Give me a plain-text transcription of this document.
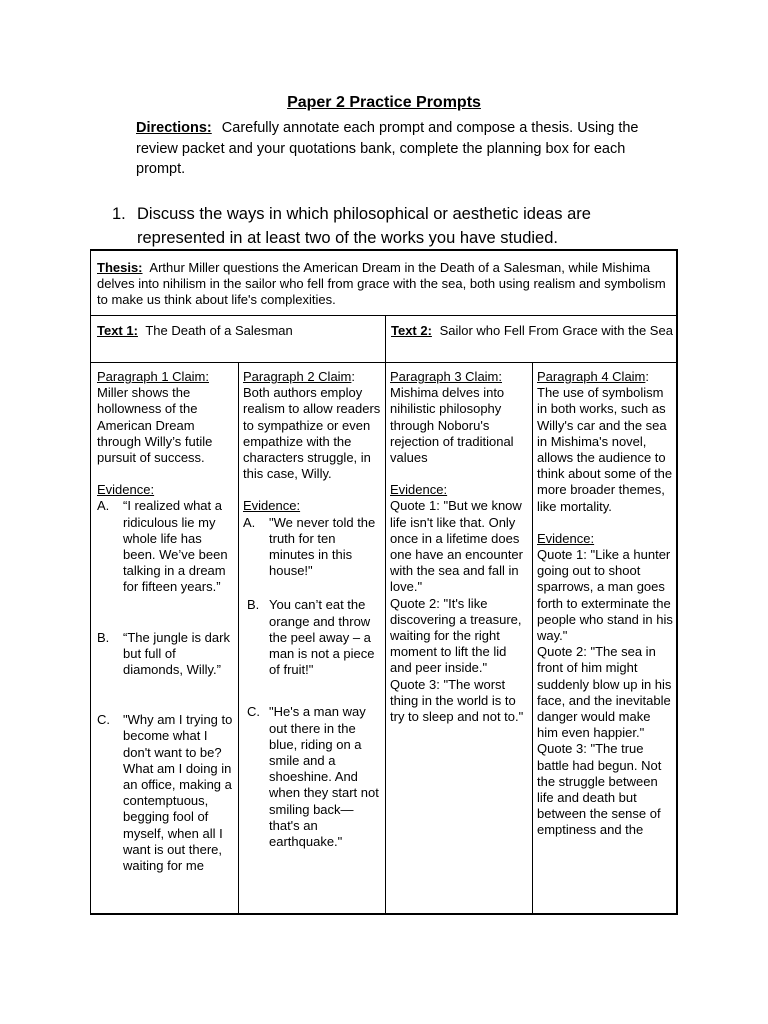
Paper 2 Practice Prompts
Directions: Carefully annotate each prompt and compose a thesis. Using the review packet and your quotations bank, complete the planning box for each prompt.
1. Discuss the ways in which philosophical or aesthetic ideas are represented in at least two of the works you have studied.
Thesis: Arthur Miller questions the American Dream in the Death of a Salesman, while Mishima delves into nihilism in the sailor who fell from grace with the sea, both using realism and symbolism to make us think about life's complexities.
Text 1: The Death of a Salesman	Text 2: Sailor who Fell From Grace with the Sea
Paragraph 1 Claim:
Miller shows the hollowness of the American Dream through Willy’s futile pursuit of success.
Evidence:
A. “I realized what a ridiculous lie my whole life has been. We’ve been talking in a dream for fifteen years.”
B. “The jungle is dark but full of diamonds, Willy.”
C. "Why am I trying to become what I don't want to be? What am I doing in an office, making a contemptuous, begging fool of myself, when all I want is out there, waiting for me
Paragraph 2 Claim:
Both authors employ realism to allow readers to sympathize or even empathize with the characters struggle, in this case, Willy.
Evidence:
A. "We never told the truth for ten minutes in this house!"
B. You can’t eat the orange and throw the peel away – a man is not a piece of fruit!"
C. "He's a man way out there in the blue, riding on a smile and a shoeshine. And when they start not smiling back—that's an earthquake."
Paragraph 3 Claim:
Mishima delves into nihilistic philosophy through Noboru's rejection of traditional values
Evidence:
Quote 1: "But we know life isn't like that. Only once in a lifetime does one have an encounter with the sea and fall in love."
Quote 2: "It's like discovering a treasure, waiting for the right moment to lift the lid and peer inside."
Quote 3: "The worst thing in the world is to try to sleep and not to."
Paragraph 4 Claim:
The use of symbolism in both works, such as Willy's car and the sea in Mishima's novel, allows the audience to think about some of the more broader themes, like mortality.
Evidence:
Quote 1: "Like a hunter going out to shoot sparrows, a man goes forth to exterminate the people who stand in his way."
Quote 2: "The sea in front of him might suddenly blow up in his face, and the inevitable danger would make him even happier."
Quote 3: "The true battle had begun. Not the struggle between life and death but between the sense of emptiness and the
